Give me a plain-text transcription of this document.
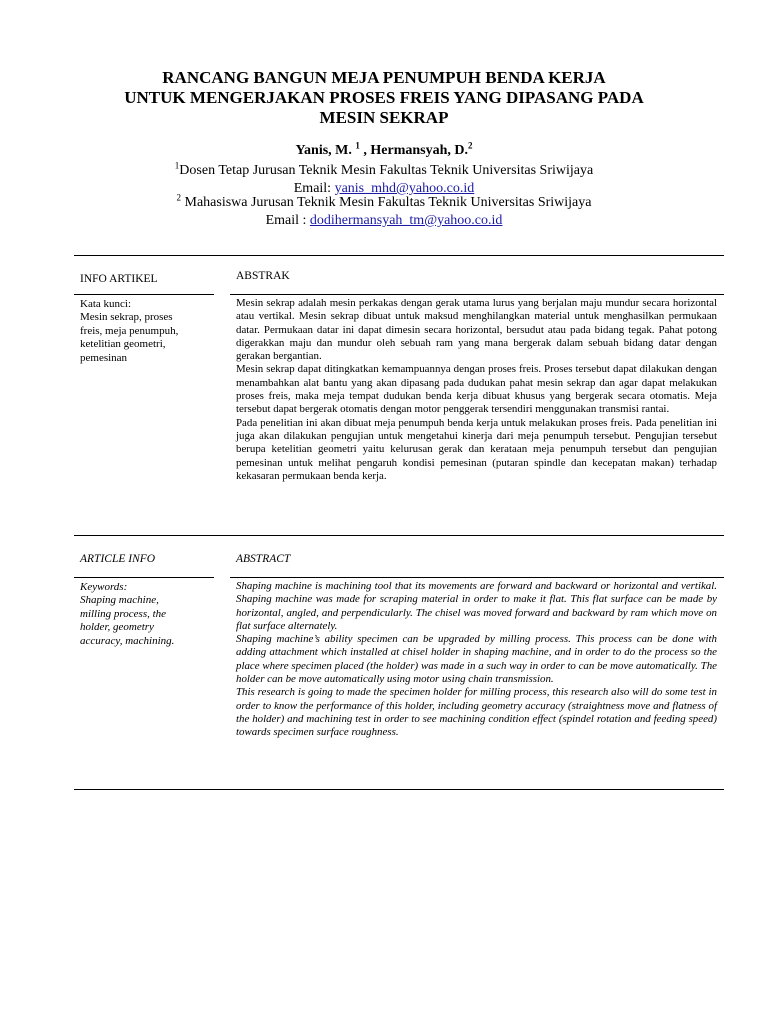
RANCANG BANGUN MEJA PENUMPUH BENDA KERJA
UNTUK MENGERJAKAN PROSES FREIS YANG DIPASANG PADA
MESIN SEKRAP
Yanis, M. $^1$ , Hermansyah, D.$^2$
$^1$Dosen Tetap Jurusan Teknik Mesin Fakultas Teknik Universitas Sriwijaya
Email: yanis_mhd@yahoo.co.id
$^2$ Mahasiswa Jurusan Teknik Mesin Fakultas Teknik Universitas Sriwijaya
Email : dodihermansyah_tm@yahoo.co.id
INFO ARTIKEL	ABSTRAK
Kata kunci:
Mesin sekrap, proses
freis, meja penumpuh,
ketelitian geometri,
pemesinan

Mesin sekrap adalah mesin perkakas dengan gerak utama lurus yang berjalan maju mundur secara horizontal atau vertikal. Mesin sekrap dibuat untuk maksud menghilangkan material untuk menghasilkan permukaan datar. Permukaan datar ini dapat dimesin secara horizontal, bersudut atau pada bidang tegak. Pahat potong digerakkan maju dan mundur oleh sebuah ram yang mana bergerak dalam sebuah bidang datar dengan gerakan bergantian.

Mesin sekrap dapat ditingkatkan kemampuannya dengan proses freis. Proses tersebut dapat dilakukan dengan menambahkan alat bantu yang akan dipasang pada dudukan pahat mesin sekrap dan agar dapat melakukan proses freis, maka meja tempat dudukan benda kerja dibuat khusus yang bergerak secara otomatis. Meja tersebut dapat bergerak otomatis dengan motor penggerak tersendiri menggunakan transmisi rantai.

Pada penelitian ini akan dibuat meja penumpuh benda kerja untuk melakukan proses freis. Pada penelitian ini juga akan dilakukan pengujian untuk mengetahui kinerja dari meja penumpuh tersebut. Pengujian tersebut berupa ketelitian geometri yaitu kelurusan gerak dan kerataan meja penumpuh tersebut dan pengujian pemesinan untuk melihat pengaruh kondisi pemesinan (putaran spindle dan kecepatan makan) terhadap kekasaran permukaan benda kerja.

ARTICLE INFO	ABSTRACT
Keywords:
Shaping machine,
milling process, the
holder, geometry
accuracy, machining.

Shaping machine is machining tool that its movements are forward and backward or horizontal and vertikal. Shaping machine was made for scraping material in order to make it flat. This flat surface can be made by horizontal, angled, and perpendicularly. The chisel was moved forward and backward by ram which move on flat surface alternately.

Shaping machine’s ability specimen can be upgraded by milling process. This process can be done with adding attachment which installed at chisel holder in shaping machine, and in order to do the process so the place where specimen placed (the holder) was made in a such way in order to can be move automatically. The holder can be move automatically using motor using chain transmission.

This research is going to made the specimen holder for milling process, this research also will do some test in order to know the performance of this holder, including geometry accuracy (straightness move and flatness of the holder) and machining test in order to see machining condition effect (spindel rotation and feeding speed) towards specimen surface roughness.
